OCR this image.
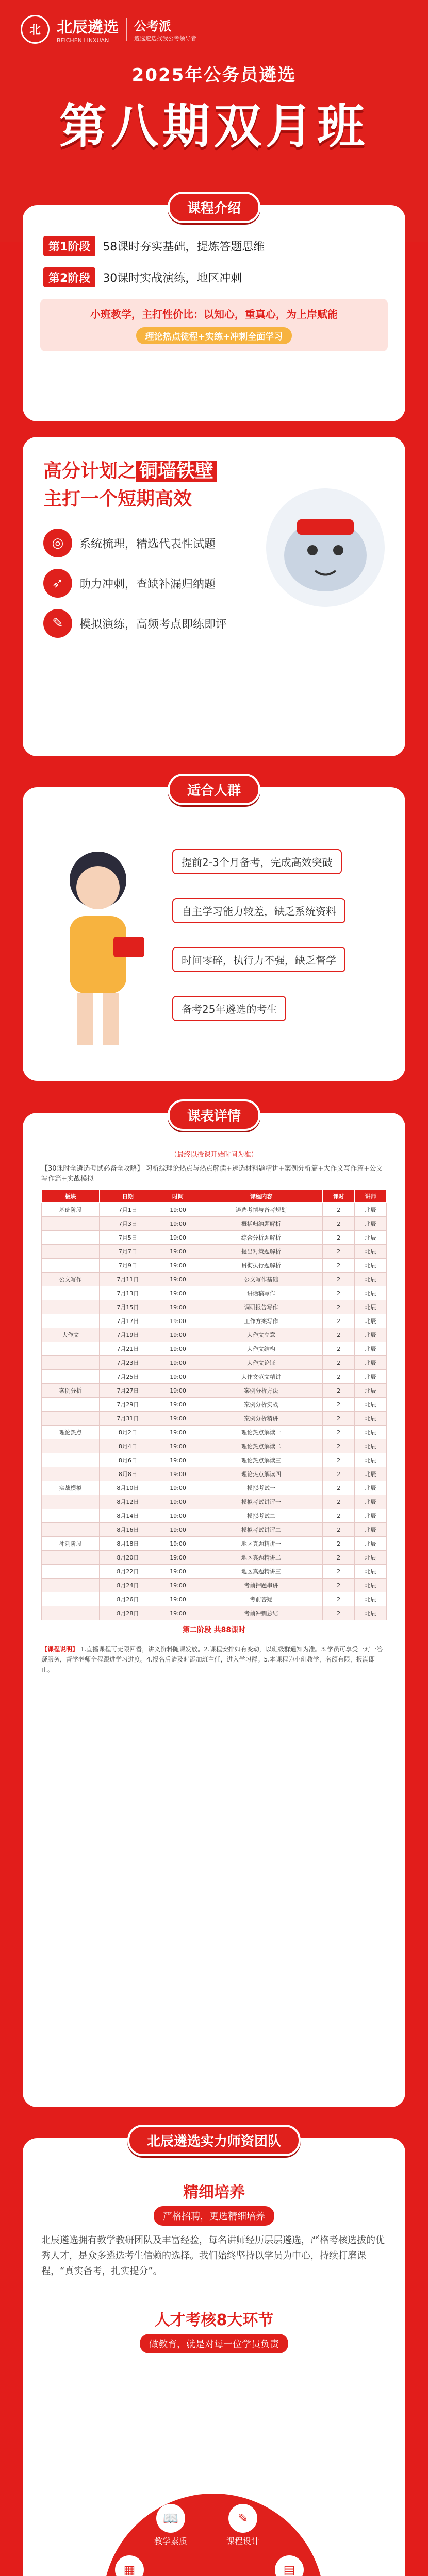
北	北辰遴选
BEICHEN LINXUAN
公考派
遴选遴选找我公考领导者
2025年公务员遴选
第八期双月班
课程介绍
第1阶段	58课时夯实基础，提炼答题思维
第2阶段	30课时实战演练，地区冲刺
小班教学，主打性价比：以知心，重真心，为上岸赋能
理论热点徒程+实练+冲刺全面学习
高分计划之 铜墙铁壁
主打一个短期高效
◎	系统梳理，精选代表性试题
➶	助力冲刺，查缺补漏归纳题
✎	模拟演练，高频考点即练即评
适合人群
提前2-3个月备考，完成高效突破
自主学习能力较差，缺乏系统资料
时间零碎，执行力不强，缺乏督学
备考25年遴选的考生
课表详情
（最终以授课开始时间为准）
【30课时全遴选考试必备全攻略】 习析综理论热点与热点解读+遴选材料题精讲+案例分析篇+大作文写作篇+公文写作篇+实战模拟
板块	日期	时间	课程内容	课时	讲师
基础阶段	7月1日	19:00	遴选考情与备考规划	2	北辰
	7月3日	19:00	概括归纳题解析	2	北辰
	7月5日	19:00	综合分析题解析	2	北辰
	7月7日	19:00	提出对策题解析	2	北辰
	7月9日	19:00	贯彻执行题解析	2	北辰
公文写作	7月11日	19:00	公文写作基础	2	北辰
	7月13日	19:00	讲话稿写作	2	北辰
	7月15日	19:00	调研报告写作	2	北辰
	7月17日	19:00	工作方案写作	2	北辰
大作文	7月19日	19:00	大作文立意	2	北辰
	7月21日	19:00	大作文结构	2	北辰
	7月23日	19:00	大作文论证	2	北辰
	7月25日	19:00	大作文范文精讲	2	北辰
案例分析	7月27日	19:00	案例分析方法	2	北辰
	7月29日	19:00	案例分析实战	2	北辰
	7月31日	19:00	案例分析精讲	2	北辰
理论热点	8月2日	19:00	理论热点解读一	2	北辰
	8月4日	19:00	理论热点解读二	2	北辰
	8月6日	19:00	理论热点解读三	2	北辰
	8月8日	19:00	理论热点解读四	2	北辰
实战模拟	8月10日	19:00	模拟考试一	2	北辰
	8月12日	19:00	模拟考试讲评一	2	北辰
	8月14日	19:00	模拟考试二	2	北辰
	8月16日	19:00	模拟考试讲评二	2	北辰
冲刺阶段	8月18日	19:00	地区真题精讲一	2	北辰
	8月20日	19:00	地区真题精讲二	2	北辰
	8月22日	19:00	地区真题精讲三	2	北辰
	8月24日	19:00	考前押题串讲	2	北辰
	8月26日	19:00	考前答疑	2	北辰
	8月28日	19:00	考前冲刺总结	2	北辰
第二阶段 共88课时
【课程说明】 1.直播课程可无限回看，讲义资料随课发放。2.课程安排如有变动，以班级群通知为准。3.学员可享受一对一答疑服务，督学老师全程跟进学习进度。4.报名后请及时添加班主任，进入学习群。5.本课程为小班教学，名额有限，报满即止。
北辰遴选实力师资团队
精细培养
严格招聘，更选精细培养
北辰遴选拥有教学教研团队及丰富经验，每名讲师经历层层遴选，严格考核选拔的优秀人才，是众多遴选考生信赖的选择。我们始终坚持以学员为中心，持续打磨课程，“真实备考，扎实提分”。
人才考核8大环节
做教育，就是对每一位学员负责
📖
教学素质
✎
课程设计
▤
▦
